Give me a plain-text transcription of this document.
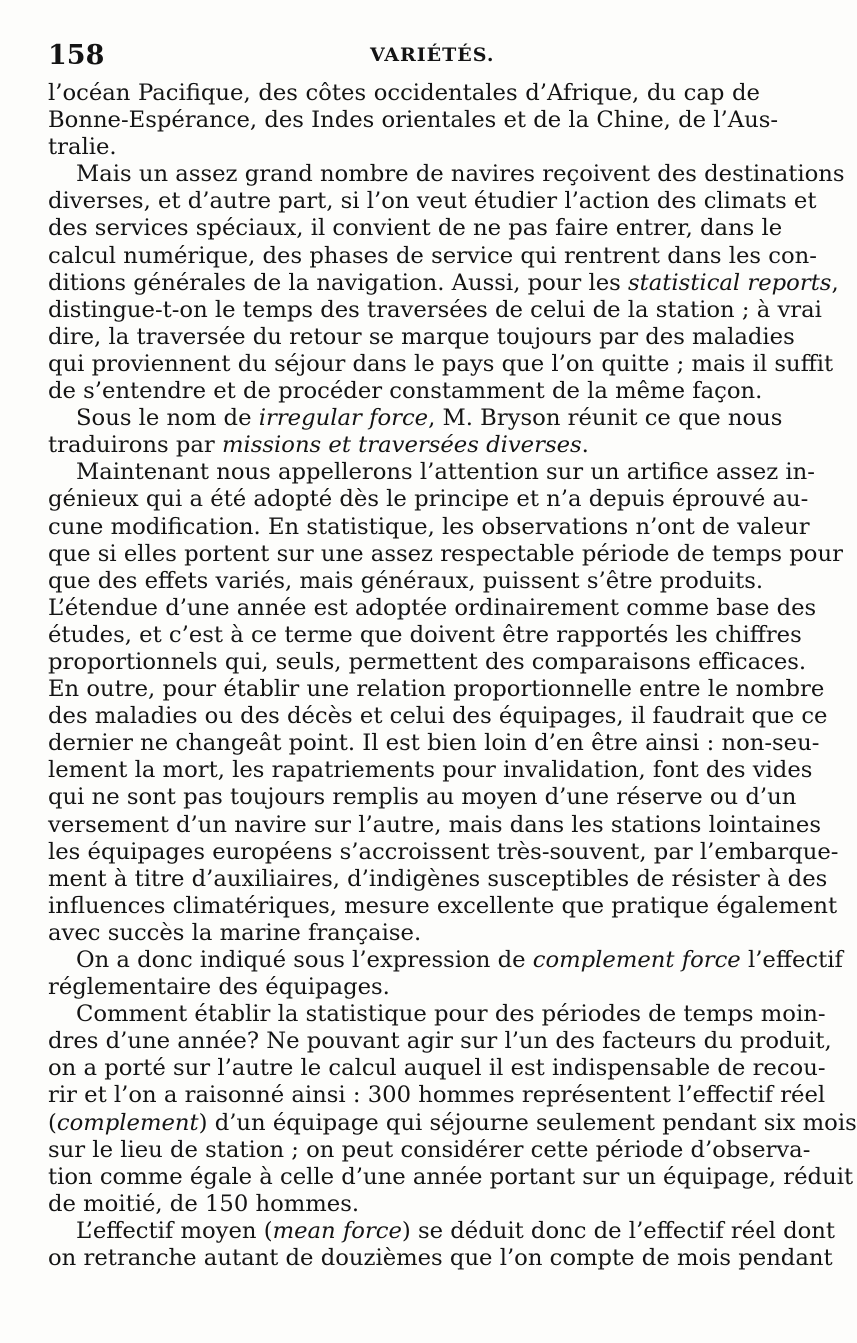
158	VARIÉTÉS.
l’océan Pacifique, des côtes occidentales d’Afrique, du cap de
Bonne-Espérance, des Indes orientales et de la Chine, de l’Aus-
tralie.
Mais un assez grand nombre de navires reçoivent des destinations
diverses, et d’autre part, si l’on veut étudier l’action des climats et
des services spéciaux, il convient de ne pas faire entrer, dans le
calcul numérique, des phases de service qui rentrent dans les con-
ditions générales de la navigation. Aussi, pour les statistical reports,
distingue-t-on le temps des traversées de celui de la station ; à vrai
dire, la traversée du retour se marque toujours par des maladies
qui proviennent du séjour dans le pays que l’on quitte ; mais il suffit
de s’entendre et de procéder constamment de la même façon.
Sous le nom de irregular force, M. Bryson réunit ce que nous
traduirons par missions et traversées diverses.
Maintenant nous appellerons l’attention sur un artifice assez in-
génieux qui a été adopté dès le principe et n’a depuis éprouvé au-
cune modification. En statistique, les observations n’ont de valeur
que si elles portent sur une assez respectable période de temps pour
que des effets variés, mais généraux, puissent s’être produits.
L’étendue d’une année est adoptée ordinairement comme base des
études, et c’est à ce terme que doivent être rapportés les chiffres
proportionnels qui, seuls, permettent des comparaisons efficaces.
En outre, pour établir une relation proportionnelle entre le nombre
des maladies ou des décès et celui des équipages, il faudrait que ce
dernier ne changeât point. Il est bien loin d’en être ainsi : non-seu-
lement la mort, les rapatriements pour invalidation, font des vides
qui ne sont pas toujours remplis au moyen d’une réserve ou d’un
versement d’un navire sur l’autre, mais dans les stations lointaines
les équipages européens s’accroissent très-souvent, par l’embarque-
ment à titre d’auxiliaires, d’indigènes susceptibles de résister à des
influences climatériques, mesure excellente que pratique également
avec succès la marine française.
On a donc indiqué sous l’expression de complement force l’effectif
réglementaire des équipages.
Comment établir la statistique pour des périodes de temps moin-
dres d’une année? Ne pouvant agir sur l’un des facteurs du produit,
on a porté sur l’autre le calcul auquel il est indispensable de recou-
rir et l’on a raisonné ainsi : 300 hommes représentent l’effectif réel
(complement) d’un équipage qui séjourne seulement pendant six mois
sur le lieu de station ; on peut considérer cette période d’observa-
tion comme égale à celle d’une année portant sur un équipage, réduit
de moitié, de 150 hommes.
L’effectif moyen (mean force) se déduit donc de l’effectif réel dont
on retranche autant de douzièmes que l’on compte de mois pendant
